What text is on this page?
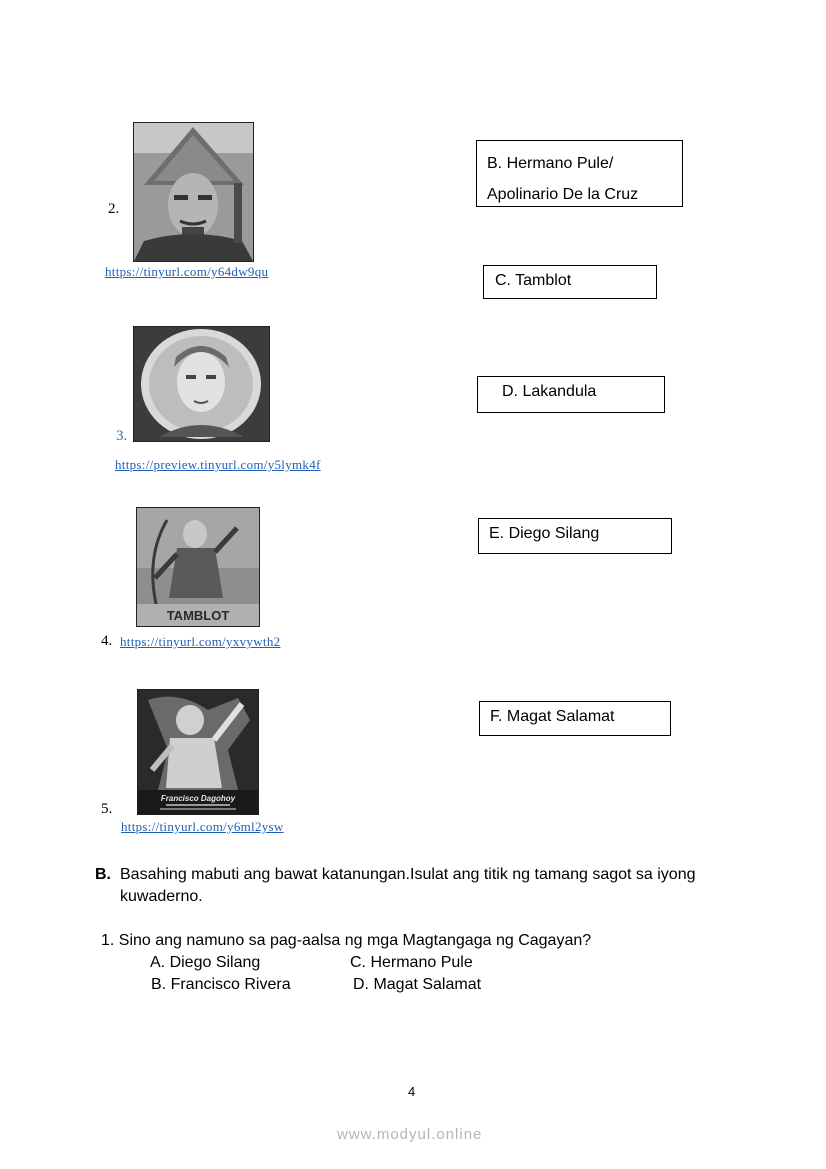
2.
https://tinyurl.com/y64dw9qu
3.
https://preview.tinyurl.com/y5lymk4f
TAMBLOT
4. https://tinyurl.com/yxvywth2
Francisco Dagohoy
5.
https://tinyurl.com/y6ml2ysw
B. Hermano Pule/
Apolinario De la Cruz
C. Tamblot
D. Lakandula
E. Diego Silang
F. Magat Salamat
B. Basahing mabuti ang bawat katanungan.Isulat ang titik ng tamang sagot sa iyong
kuwaderno.
1. Sino ang namuno sa pag-aalsa ng mga Magtangaga ng Cagayan?
A. Diego Silang	C. Hermano Pule
B. Francisco Rivera	D. Magat Salamat
4
www.modyul.online
